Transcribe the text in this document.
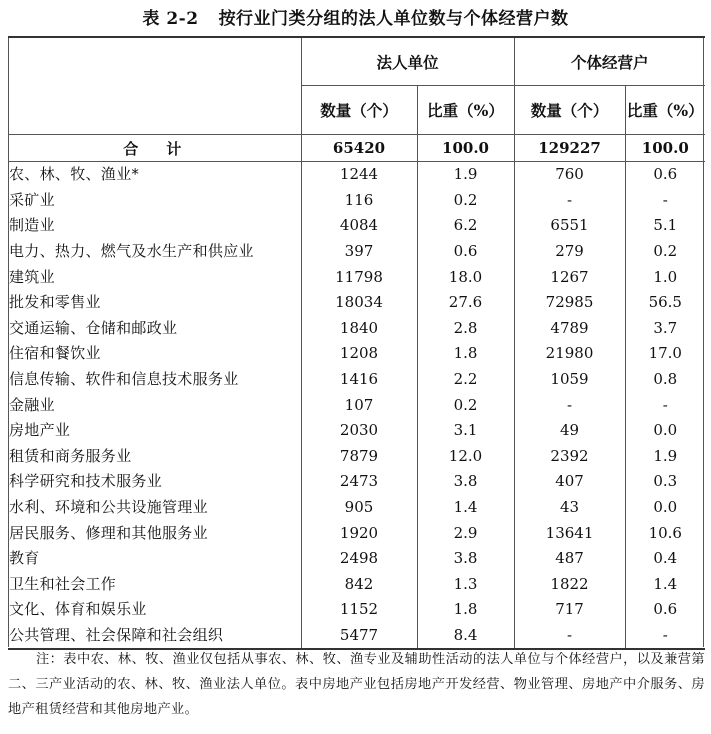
表 2-2 按行业门类分组的法人单位数与个体经营户数
	法人单位		个体经营户	
	数量（个）	比重（%）	数量（个）	比重（%）
合计	65420	100.0	129227	100.0
农、林、牧、渔业*	1244	1.9	760	0.6
采矿业	116	0.2	-	-
制造业	4084	6.2	6551	5.1
电力、热力、燃气及水生产和供应业	397	0.6	279	0.2
建筑业	11798	18.0	1267	1.0
批发和零售业	18034	27.6	72985	56.5
交通运输、仓储和邮政业	1840	2.8	4789	3.7
住宿和餐饮业	1208	1.8	21980	17.0
信息传输、软件和信息技术服务业	1416	2.2	1059	0.8
金融业	107	0.2	-	-
房地产业	2030	3.1	49	0.0
租赁和商务服务业	7879	12.0	2392	1.9
科学研究和技术服务业	2473	3.8	407	0.3
水利、环境和公共设施管理业	905	1.4	43	0.0
居民服务、修理和其他服务业	1920	2.9	13641	10.6
教育	2498	3.8	487	0.4
卫生和社会工作	842	1.3	1822	1.4
文化、体育和娱乐业	1152	1.8	717	0.6
公共管理、社会保障和社会组织	5477	8.4	-	-
注：表中农、林、牧、渔业仅包括从事农、林、牧、渔专业及辅助性活动的法人单位与个体经营户，以及兼营第二、三产业活动的农、林、牧、渔业法人单位。表中房地产业包括房地产开发经营、物业管理、房地产中介服务、房地产租赁经营和其他房地产业。
